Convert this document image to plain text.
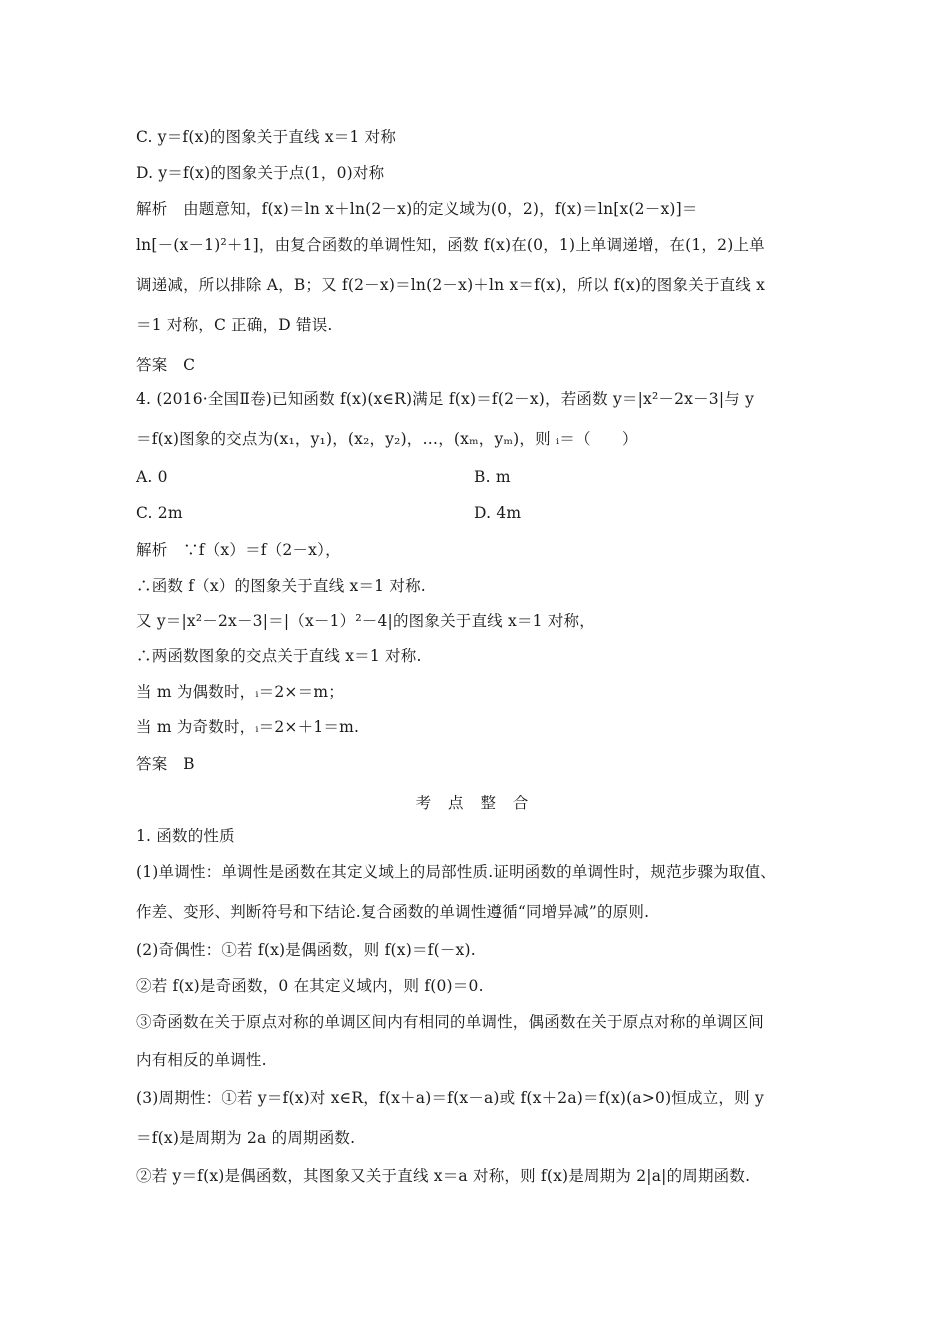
C. y＝f(x)的图象关于直线 x＝1 对称
D. y＝f(x)的图象关于点(1，0)对称
解析　由题意知，f(x)＝ln x＋ln(2－x)的定义域为(0，2)，f(x)＝ln[x(2－x)]＝
ln[－(x－1)²＋1]，由复合函数的单调性知，函数 f(x)在(0，1)上单调递增，在(1，2)上单
调递减，所以排除 A，B；又 f(2－x)＝ln(2－x)＋ln x＝f(x)，所以 f(x)的图象关于直线 x
＝1 对称，C 正确，D 错误.
答案　C
4. (2016·全国Ⅱ卷)已知函数 f(x)(x∈R)满足 f(x)＝f(2－x)，若函数 y＝|x²－2x－3|与 y
＝f(x)图象的交点为(x₁，y₁)，(x₂，y₂)，…，(xₘ，yₘ)，则 ᵢ＝（　　）
A. 0	B. m
C. 2m	D. 4m
解析　∵f（x）＝f（2－x），
∴函数 f（x）的图象关于直线 x＝1 对称.
又 y＝|x²－2x－3|＝|（x－1）²－4|的图象关于直线 x＝1 对称，
∴两函数图象的交点关于直线 x＝1 对称.
当 m 为偶数时，ᵢ＝2×＝m；
当 m 为奇数时，ᵢ＝2×＋1＝m.
答案　B
考 点 整 合
1. 函数的性质
(1)单调性：单调性是函数在其定义域上的局部性质.证明函数的单调性时，规范步骤为取值、
作差、变形、判断符号和下结论.复合函数的单调性遵循“同增异减”的原则.
(2)奇偶性：①若 f(x)是偶函数，则 f(x)＝f(－x).
②若 f(x)是奇函数，0 在其定义域内，则 f(0)＝0.
③奇函数在关于原点对称的单调区间内有相同的单调性，偶函数在关于原点对称的单调区间
内有相反的单调性.
(3)周期性：①若 y＝f(x)对 x∈R，f(x＋a)＝f(x－a)或 f(x＋2a)＝f(x)(a>0)恒成立，则 y
＝f(x)是周期为 2a 的周期函数.
②若 y＝f(x)是偶函数，其图象又关于直线 x＝a 对称，则 f(x)是周期为 2|a|的周期函数.
